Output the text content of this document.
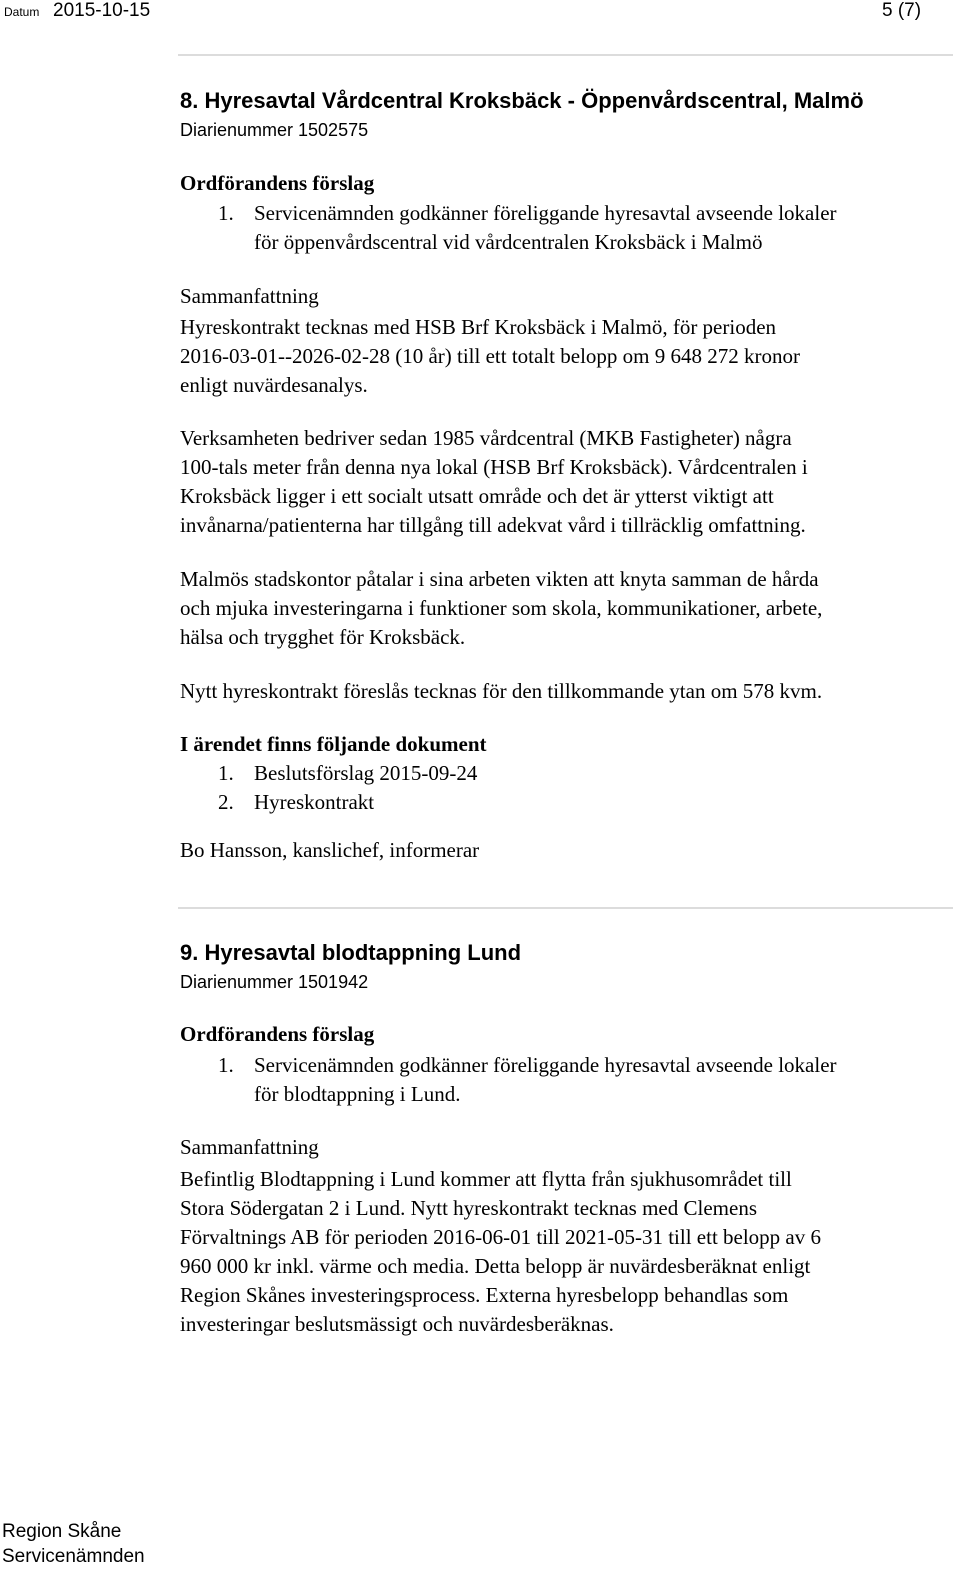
Datum 2015-10-15	5 (7)
8. Hyresavtal Vårdcentral Kroksbäck - Öppenvårdscentral, Malmö
Diarienummer 1502575
Ordförandens förslag
1. Servicenämnden godkänner föreliggande hyresavtal avseende lokaler
för öppenvårdscentral vid vårdcentralen Kroksbäck i Malmö
Sammanfattning
Hyreskontrakt tecknas med HSB Brf Kroksbäck i Malmö, för perioden
2016-03-01--2026-02-28 (10 år) till ett totalt belopp om 9 648 272 kronor
enligt nuvärdesanalys.
Verksamheten bedriver sedan 1985 vårdcentral (MKB Fastigheter) några
100-tals meter från denna nya lokal (HSB Brf Kroksbäck). Vårdcentralen i
Kroksbäck ligger i ett socialt utsatt område och det är ytterst viktigt att
invånarna/patienterna har tillgång till adekvat vård i tillräcklig omfattning.
Malmös stadskontor påtalar i sina arbeten vikten att knyta samman de hårda
och mjuka investeringarna i funktioner som skola, kommunikationer, arbete,
hälsa och trygghet för Kroksbäck.
Nytt hyreskontrakt föreslås tecknas för den tillkommande ytan om 578 kvm.
I ärendet finns följande dokument
1. Beslutsförslag 2015-09-24
2. Hyreskontrakt
Bo Hansson, kanslichef, informerar
9. Hyresavtal blodtappning Lund
Diarienummer 1501942
Ordförandens förslag
1. Servicenämnden godkänner föreliggande hyresavtal avseende lokaler
för blodtappning i Lund.
Sammanfattning
Befintlig Blodtappning i Lund kommer att flytta från sjukhusområdet till
Stora Södergatan 2 i Lund. Nytt hyreskontrakt tecknas med Clemens
Förvaltnings AB för perioden 2016-06-01 till 2021-05-31 till ett belopp av 6
960 000 kr inkl. värme och media. Detta belopp är nuvärdesberäknat enligt
Region Skånes investeringsprocess. Externa hyresbelopp behandlas som
investeringar beslutsmässigt och nuvärdesberäknas.
Region Skåne
Servicenämnden
